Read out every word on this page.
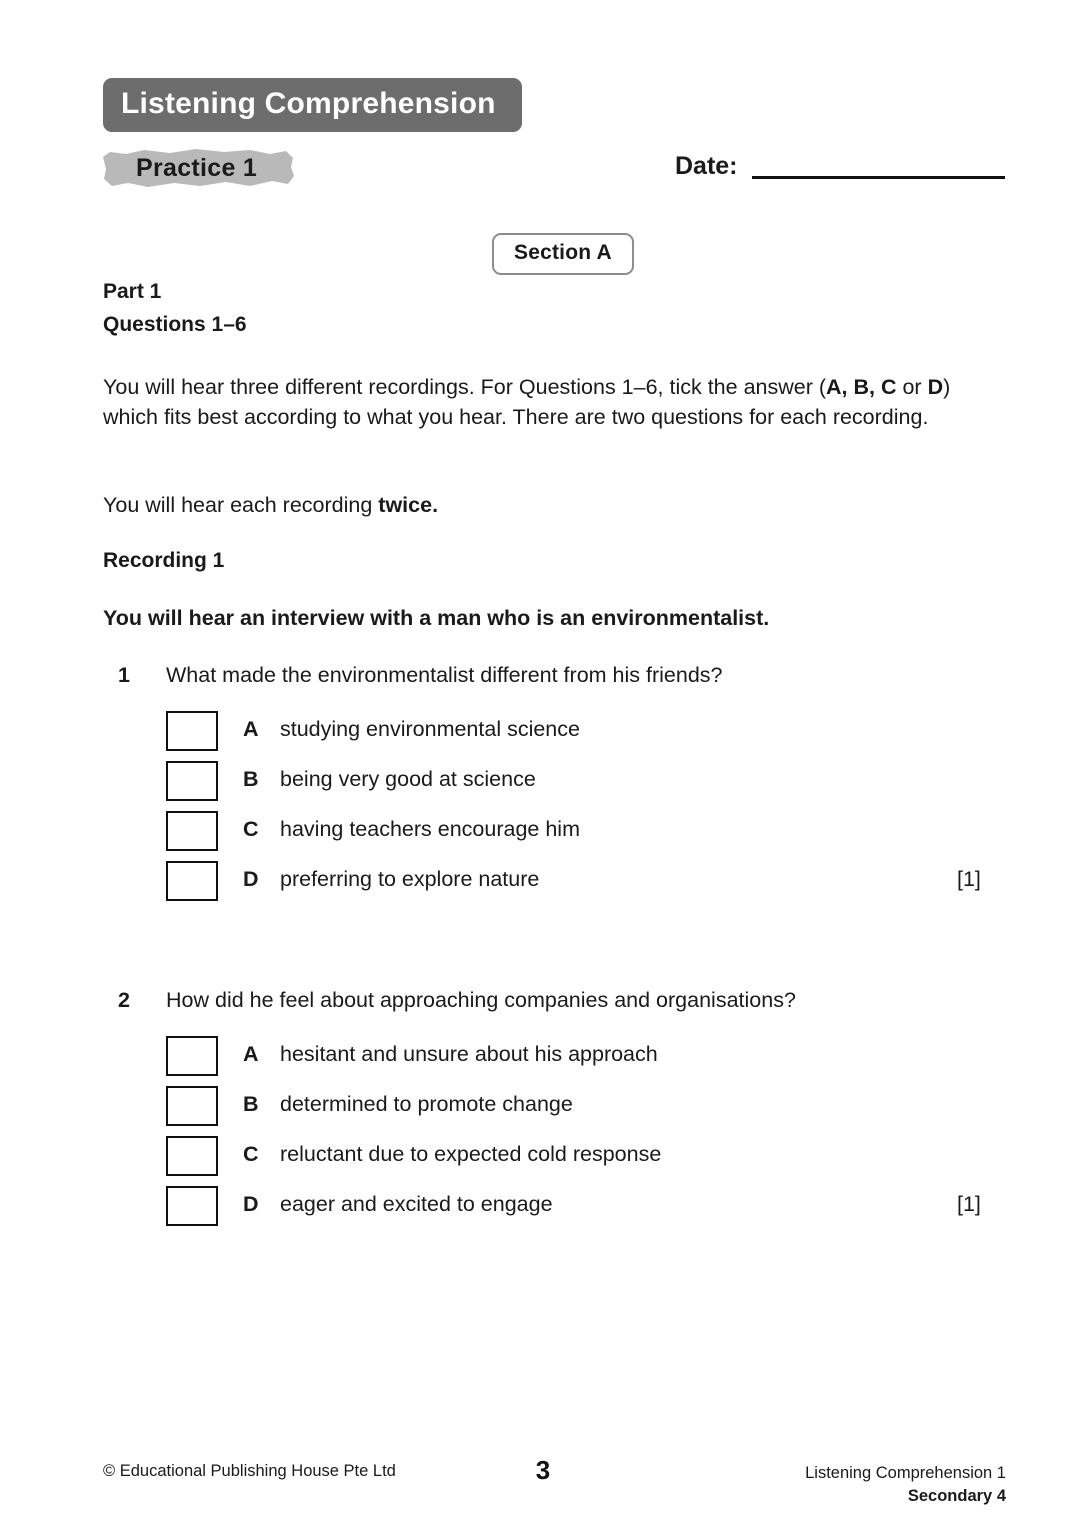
Listening Comprehension
Practice 1	Date:
Section A
Part 1
Questions 1–6
You will hear three different recordings. For Questions 1–6, tick the answer (A, B, C or D) which fits best according to what you hear. There are two questions for each recording.
You will hear each recording twice.
Recording 1
You will hear an interview with a man who is an environmentalist.
1 What made the environmentalist different from his friends?
A studying environmental science
B being very good at science
C having teachers encourage him
D preferring to explore nature	[1]
2 How did he feel about approaching companies and organisations?
A hesitant and unsure about his approach
B determined to promote change
C reluctant due to expected cold response
D eager and excited to engage	[1]
© Educational Publishing House Pte Ltd	3	Listening Comprehension 1
Secondary 4
